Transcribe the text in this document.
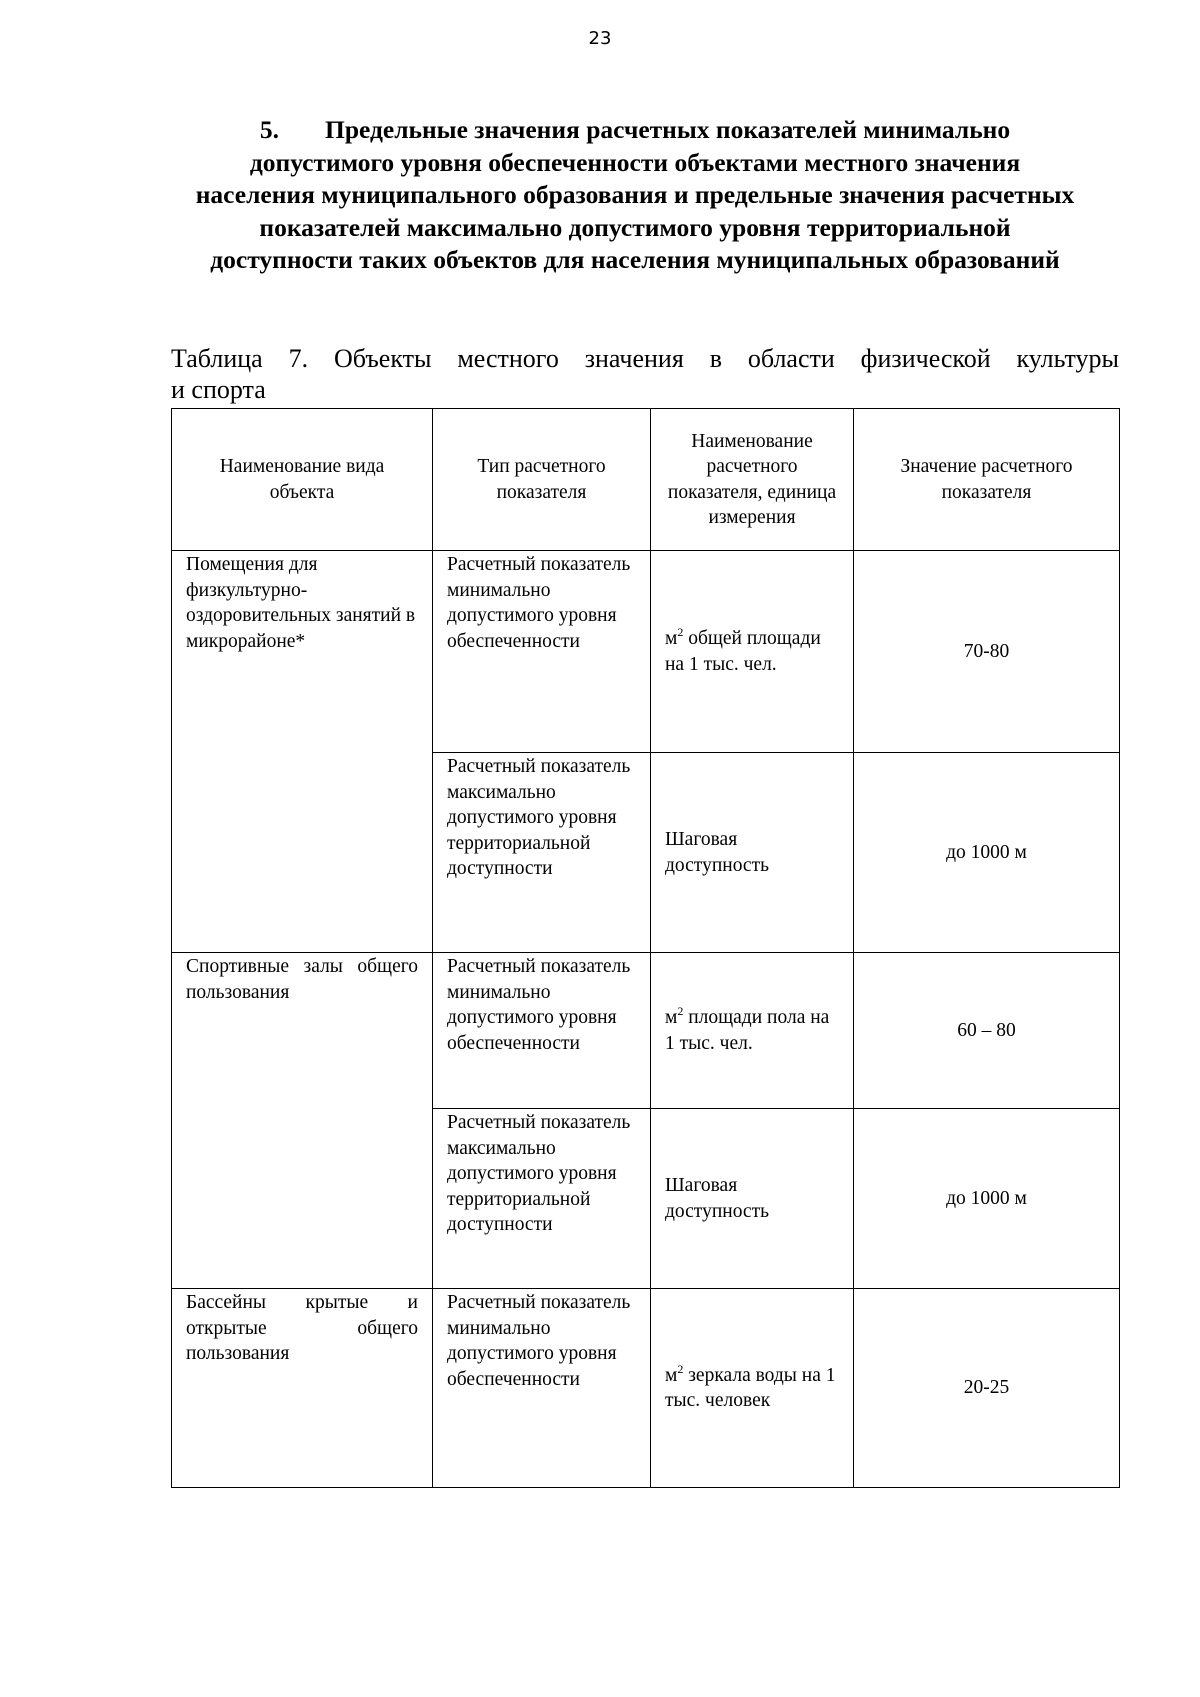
23
5. Предельные значения расчетных показателей минимально допустимого уровня обеспеченности объектами местного значения населения муниципального образования и предельные значения расчетных показателей максимально допустимого уровня территориальной доступности таких объектов для населения муниципальных образований
Таблица 7. Объекты местного значения в области физической культуры
и спорта
Наименование вида объекта	Тип расчетного показателя	Наименование расчетного показателя, единица измерения	Значение расчетного показателя

Помещения для физкультурно-оздоровительных занятий в микрорайоне*	Расчетный показатель минимально допустимого уровня обеспеченности	$м^2$ общей площади на 1 тыс. чел.	70-80

	Расчетный показатель максимально допустимого уровня территориальной доступности	Шаговая доступность	до 1000 м

Спортивные залы общего пользования	Расчетный показатель минимально допустимого уровня обеспеченности	$м^2$ площади пола на 1 тыс. чел.	60 – 80

	Расчетный показатель максимально допустимого уровня территориальной доступности	Шаговая доступность	до 1000 м

Бассейны крытые и открытые общего пользования	Расчетный показатель минимально допустимого уровня обеспеченности	$м^2$ зеркала воды на 1 тыс. человек	20-25
